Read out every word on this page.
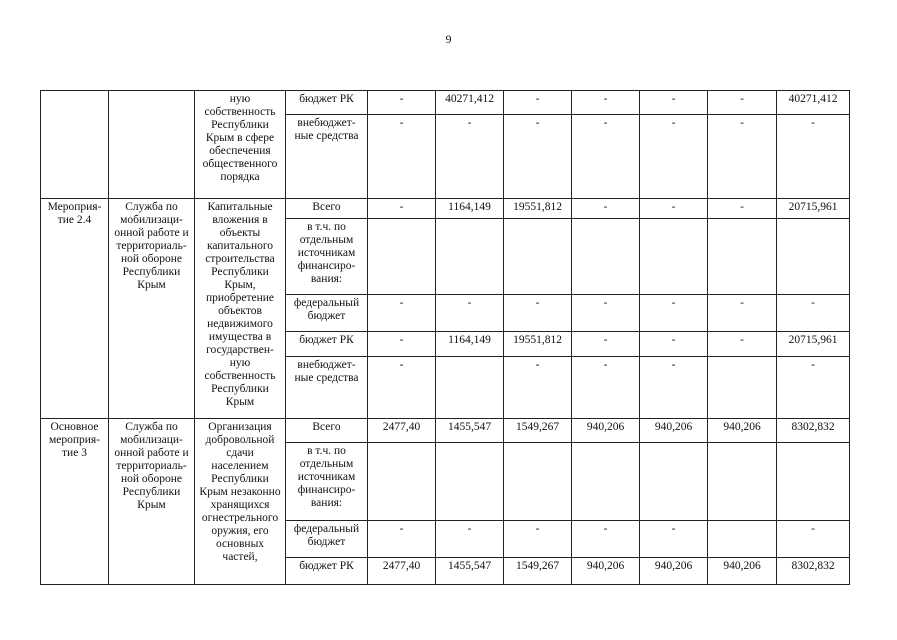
9
		ную собственность Республики Крым в сфере обеспечения общественного порядка	бюджет РК	-	40271,412	-	-	-	-	40271,412
			внебюджет-ные средства	-	-	-	-	-	-	-
Мероприя-тие 2.4	Служба по мобилизаци-онной работе и территориаль-ной обороне Республики Крым	Капитальные вложения в объекты капитального строительства Республики Крым, приобретение объектов недвижимого имущества в государствен-ную собственность Республики Крым	Всего	-	1164,149	19551,812	-	-	-	20715,961
			в т.ч. по отдельным источникам финансиро-вания:							
			федеральный бюджет	-	-	-	-	-	-	-
			бюджет РК	-	1164,149	19551,812	-	-	-	20715,961
			внебюджет-ные средства	-		-	-	-		-
Основное мероприя-тие 3	Служба по мобилизаци-онной работе и территориаль-ной обороне Республики Крым	Организация добровольной сдачи населением Республики Крым незаконно хранящихся огнестрельного оружия, его основных частей,	Всего	2477,40	1455,547	1549,267	940,206	940,206	940,206	8302,832
			в т.ч. по отдельным источникам финансиро-вания:							
			федеральный бюджет	-	-	-	-	-		-
			бюджет РК	2477,40	1455,547	1549,267	940,206	940,206	940,206	8302,832
